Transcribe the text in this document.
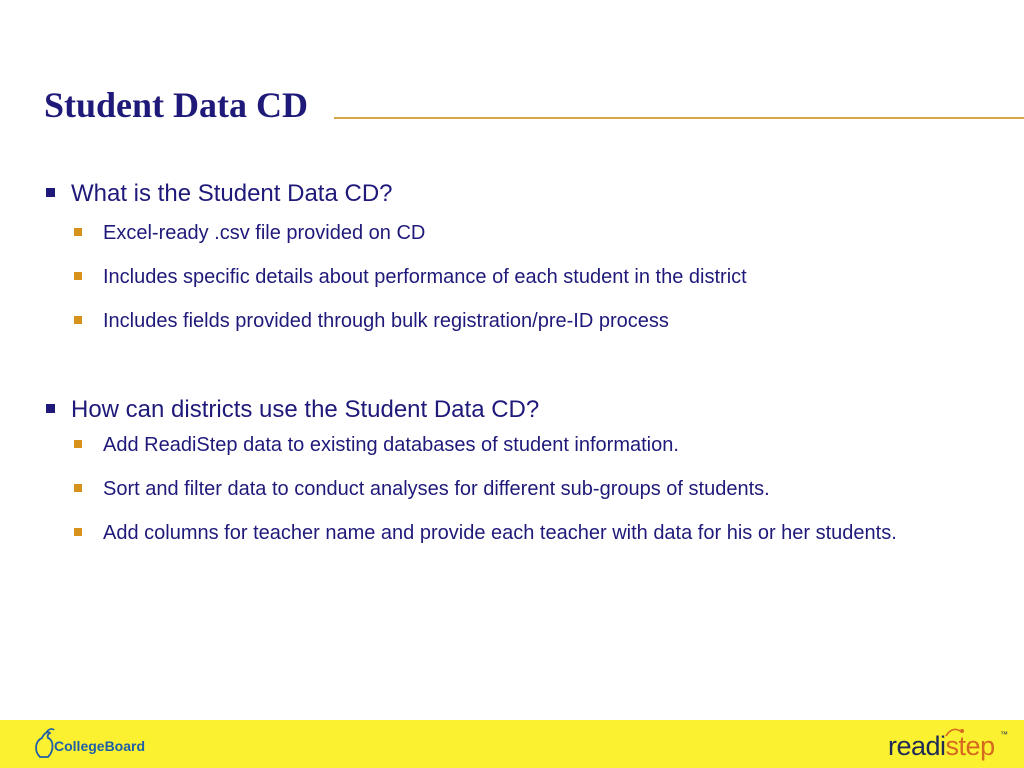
Student Data CD
What is the Student Data CD?
Excel-ready .csv file provided on CD
Includes specific details about performance of each student in the district
Includes fields provided through bulk registration/pre-ID process
How can districts use the Student Data CD?
Add ReadiStep data to existing databases of student information.
Sort and filter data to conduct analyses for different sub-groups of students.
Add columns for teacher name and provide each teacher with data for his or her students.
CollegeBoard	readistep ™
